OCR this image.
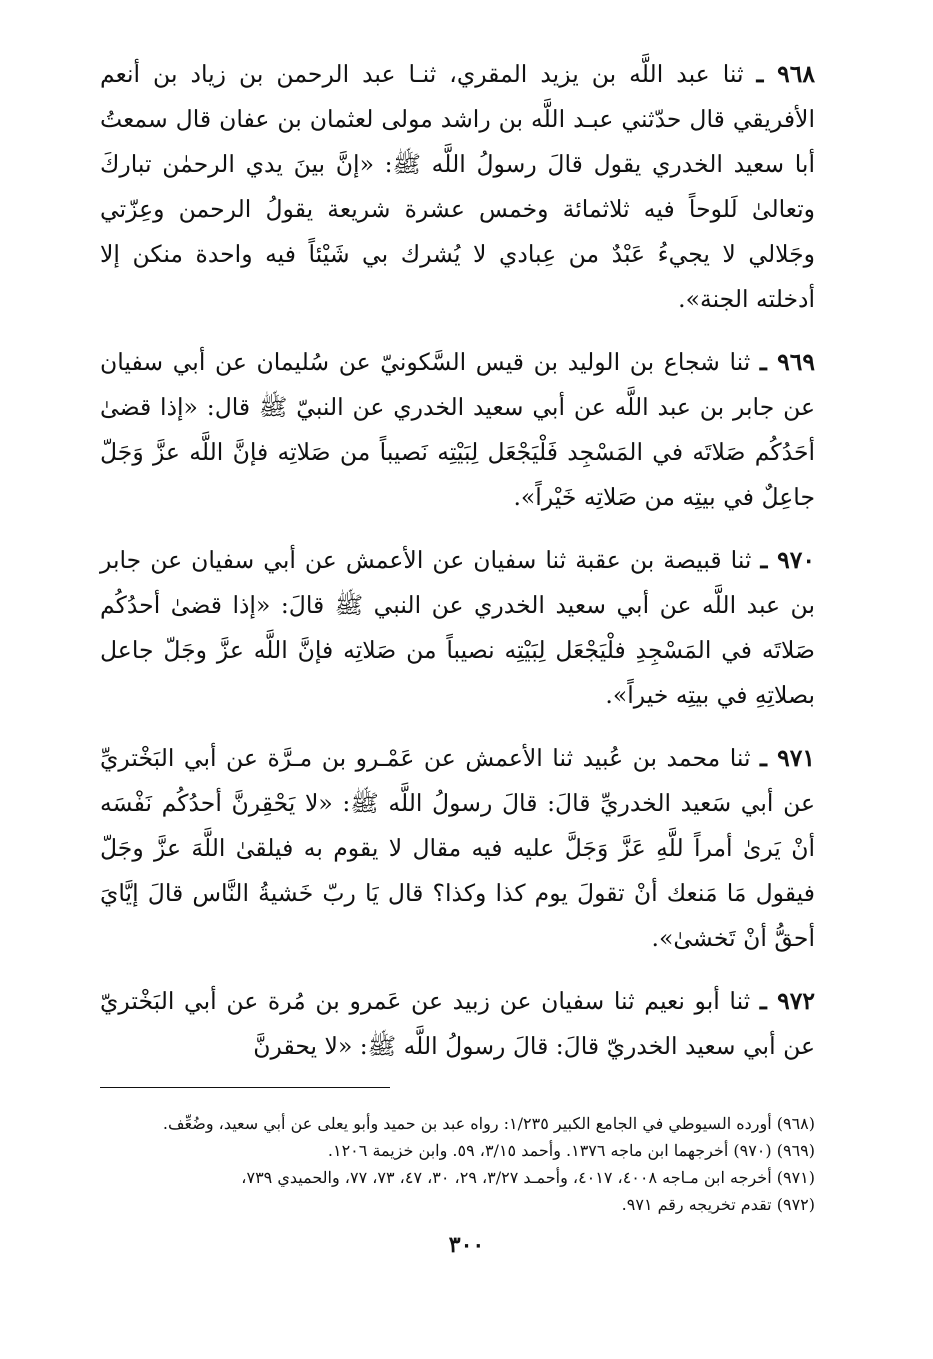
٩٦٨ ـ ثنا عبد اللَّه بن يزيد المقري، ثنـا عبد الرحمن بن زياد بن أنعم الأفريقي قال حدّثني عبـد اللَّه بن راشد مولى لعثمان بن عفان قال سمعتُ أبا سعيد الخدري يقول قالَ رسولُ اللَّه ﷺ: «إنَّ بينَ يدي الرحمٰن تباركَ وتعالىٰ لَلوحاً فيه ثلاثمائة وخمس عشرة شريعة يقولُ الرحمن وعِزّتي وجَلالي لا يجيءُ عَبْدٌ من عِبادي لا يُشرك بي شَيْئاً فيه واحدة منكن إلا أدخلته الجنة».

٩٦٩ ـ ثنا شجاع بن الوليد بن قيس السَّكونيّ عن سُليمان عن أبي سفيان عن جابر بن عبد اللَّه عن أبي سعيد الخدري عن النبيّ ﷺ قال: «إذا قضىٰ أحَدُكُم صَلاتَه في المَسْجِد فَلْيَجْعَل لِبَيْتِه نَصيباً من صَلاتِه فإنَّ اللَّه عزَّ وَجَلّ جاعِلٌ في بيتِه من صَلاتِه خَيْراً».

٩٧٠ ـ ثنا قبيصة بن عقبة ثنا سفيان عن الأعمش عن أبي سفيان عن جابر بن عبد اللَّه عن أبي سعيد الخدري عن النبي ﷺ قالَ: «إذا قضىٰ أحدُكُم صَلاتَه في المَسْجِدِ فلْيَجْعَل لِبَيْتِه نصيباً من صَلاتِه فإنَّ اللَّه عزَّ وجَلّ جاعل بصلاتِهِ في بيتِه خيراً».

٩٧١ ـ ثنا محمد بن عُبيد ثنا الأعمش عن عَمْـرو بن مـرَّة عن أبي البَخْتريِّ عن أبي سَعيد الخدريِّ قالَ: قالَ رسولُ اللَّه ﷺ: «لا يَحْقِرنَّ أحدُكُم نَفْسَه أنْ يَرىٰ أمراً للَّهِ عَزَّ وَجَلَّ عليه فيه مقال لا يقوم به فيلقىٰ اللَّهَ عزَّ وجَلّ فيقول مَا مَنعك أنْ تقولَ يوم كذا وكذا؟ قال يَا ربّ خَشيةُ النَّاس قالَ إيَّايَ أحقُّ أنْ تَخشىٰ».

٩٧٢ ـ ثنا أبو نعيم ثنا سفيان عن زبيد عن عَمرو بن مُرة عن أبي البَخْتريّ عن أبي سعيد الخدريّ قالَ: قالَ رسولُ اللَّه ﷺ: «لا يحقرنَّ

(٩٦٨) أورده السيوطي في الجامع الكبير ١/٢٣٥: رواه عبد بن حميد وأبو يعلى عن أبي سعيد، وضُعِّف.

(٩٦٩) (٩٧٠) أخرجهما ابن ماجه ١٣٧٦. وأحمد ٣/١٥، ٥٩. وابن خزيمة ١٢٠٦.

(٩٧١) أخرجه ابن مـاجه ٤٠٠٨، ٤٠١٧، وأحمـد ٣/٢٧، ٢٩، ٣٠، ٤٧، ٧٣، ٧٧، والحميدي ٧٣٩،

(٩٧٢) تقدم تخريجه رقم ٩٧١.

٣٠٠
